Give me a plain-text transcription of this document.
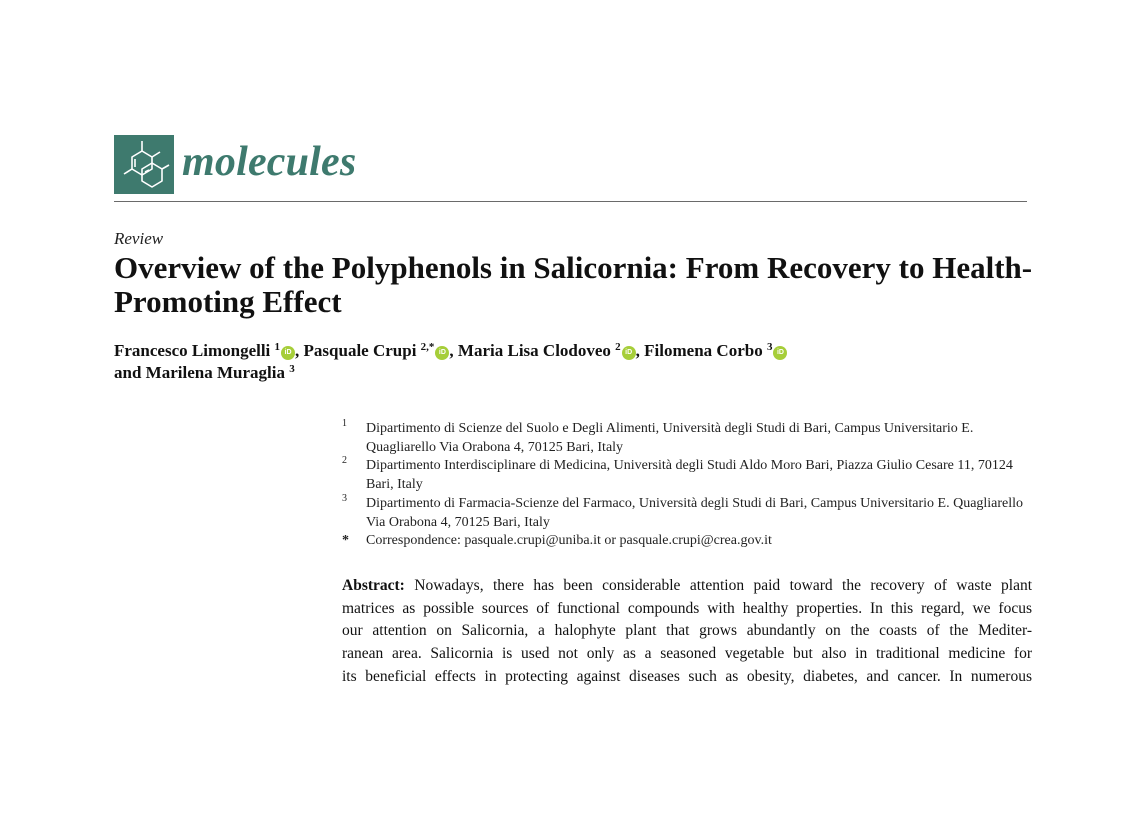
molecules
Review
Overview of the Polyphenols in Salicornia: From Recovery to Health-Promoting Effect
Francesco Limongelli $^1$ iD , Pasquale Crupi $^{2,*}$ iD , Maria Lisa Clodoveo $^2$ iD , Filomena Corbo $^3$ iD
and Marilena Muraglia $^3$
1 Dipartimento di Scienze del Suolo e Degli Alimenti, Università degli Studi di Bari, Campus Universitario E. Quagliarello Via Orabona 4, 70125 Bari, Italy
2 Dipartimento Interdisciplinare di Medicina, Università degli Studi Aldo Moro Bari, Piazza Giulio Cesare 11, 70124 Bari, Italy
3 Dipartimento di Farmacia-Scienze del Farmaco, Università degli Studi di Bari, Campus Universitario E. Quagliarello Via Orabona 4, 70125 Bari, Italy
* Correspondence: pasquale.crupi@uniba.it or pasquale.crupi@crea.gov.it
Abstract: Nowadays, there has been considerable attention paid toward the recovery of waste plant
matrices as possible sources of functional compounds with healthy properties. In this regard, we focus
our attention on Salicornia, a halophyte plant that grows abundantly on the coasts of the Mediter-
ranean area. Salicornia is used not only as a seasoned vegetable but also in traditional medicine for
its beneficial effects in protecting against diseases such as obesity, diabetes, and cancer. In numerous
